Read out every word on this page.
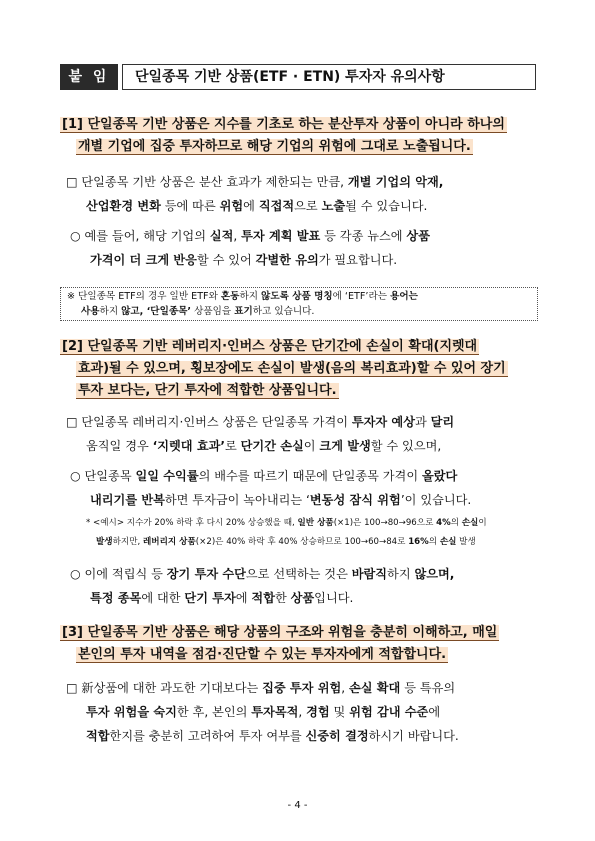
붙 임	단일종목 기반 상품(ETF · ETN) 투자자 유의사항
[1] 단일종목 기반 상품은 지수를 기초로 하는 분산투자 상품이 아니라 하나의
개별 기업에 집중 투자하므로 해당 기업의 위험에 그대로 노출됩니다.
□ 단일종목 기반 상품은 분산 효과가 제한되는 만큼, 개별 기업의 악재,
산업환경 변화 등에 따른 위험에 직접적으로 노출될 수 있습니다.
○ 예를 들어, 해당 기업의 실적, 투자 계획 발표 등 각종 뉴스에 상품
가격이 더 크게 반응할 수 있어 각별한 유의가 필요합니다.
※ 단일종목 ETF의 경우 일반 ETF와 혼동하지 않도록 상품 명칭에 ‘ETF’라는 용어는
사용하지 않고, ‘단일종목’ 상품임을 표기하고 있습니다.
[2] 단일종목 기반 레버리지·인버스 상품은 단기간에 손실이 확대(지렛대
효과)될 수 있으며, 횡보장에도 손실이 발생(음의 복리효과)할 수 있어 장기
투자 보다는, 단기 투자에 적합한 상품입니다.
□ 단일종목 레버리지·인버스 상품은 단일종목 가격이 투자자 예상과 달리
움직일 경우 ‘지렛대 효과’로 단기간 손실이 크게 발생할 수 있으며,
○ 단일종목 일일 수익률의 배수를 따르기 때문에 단일종목 가격이 올랐다
내리기를 반복하면 투자금이 녹아내리는 ‘변동성 잠식 위험’이 있습니다.
* <예시> 지수가 20% 하락 후 다시 20% 상승했을 때, 일반 상품(×1)은 100→80→96으로 4%의 손실이
발생하지만, 레버리지 상품(×2)은 40% 하락 후 40% 상승하므로 100→60→84로 16%의 손실 발생
○ 이에 적립식 등 장기 투자 수단으로 선택하는 것은 바람직하지 않으며,
특정 종목에 대한 단기 투자에 적합한 상품입니다.
[3] 단일종목 기반 상품은 해당 상품의 구조와 위험을 충분히 이해하고, 매일
본인의 투자 내역을 점검·진단할 수 있는 투자자에게 적합합니다.
□ 新상품에 대한 과도한 기대보다는 집중 투자 위험, 손실 확대 등 특유의
투자 위험을 숙지한 후, 본인의 투자목적, 경험 및 위험 감내 수준에
적합한지를 충분히 고려하여 투자 여부를 신중히 결정하시기 바랍니다.
- 4 -
